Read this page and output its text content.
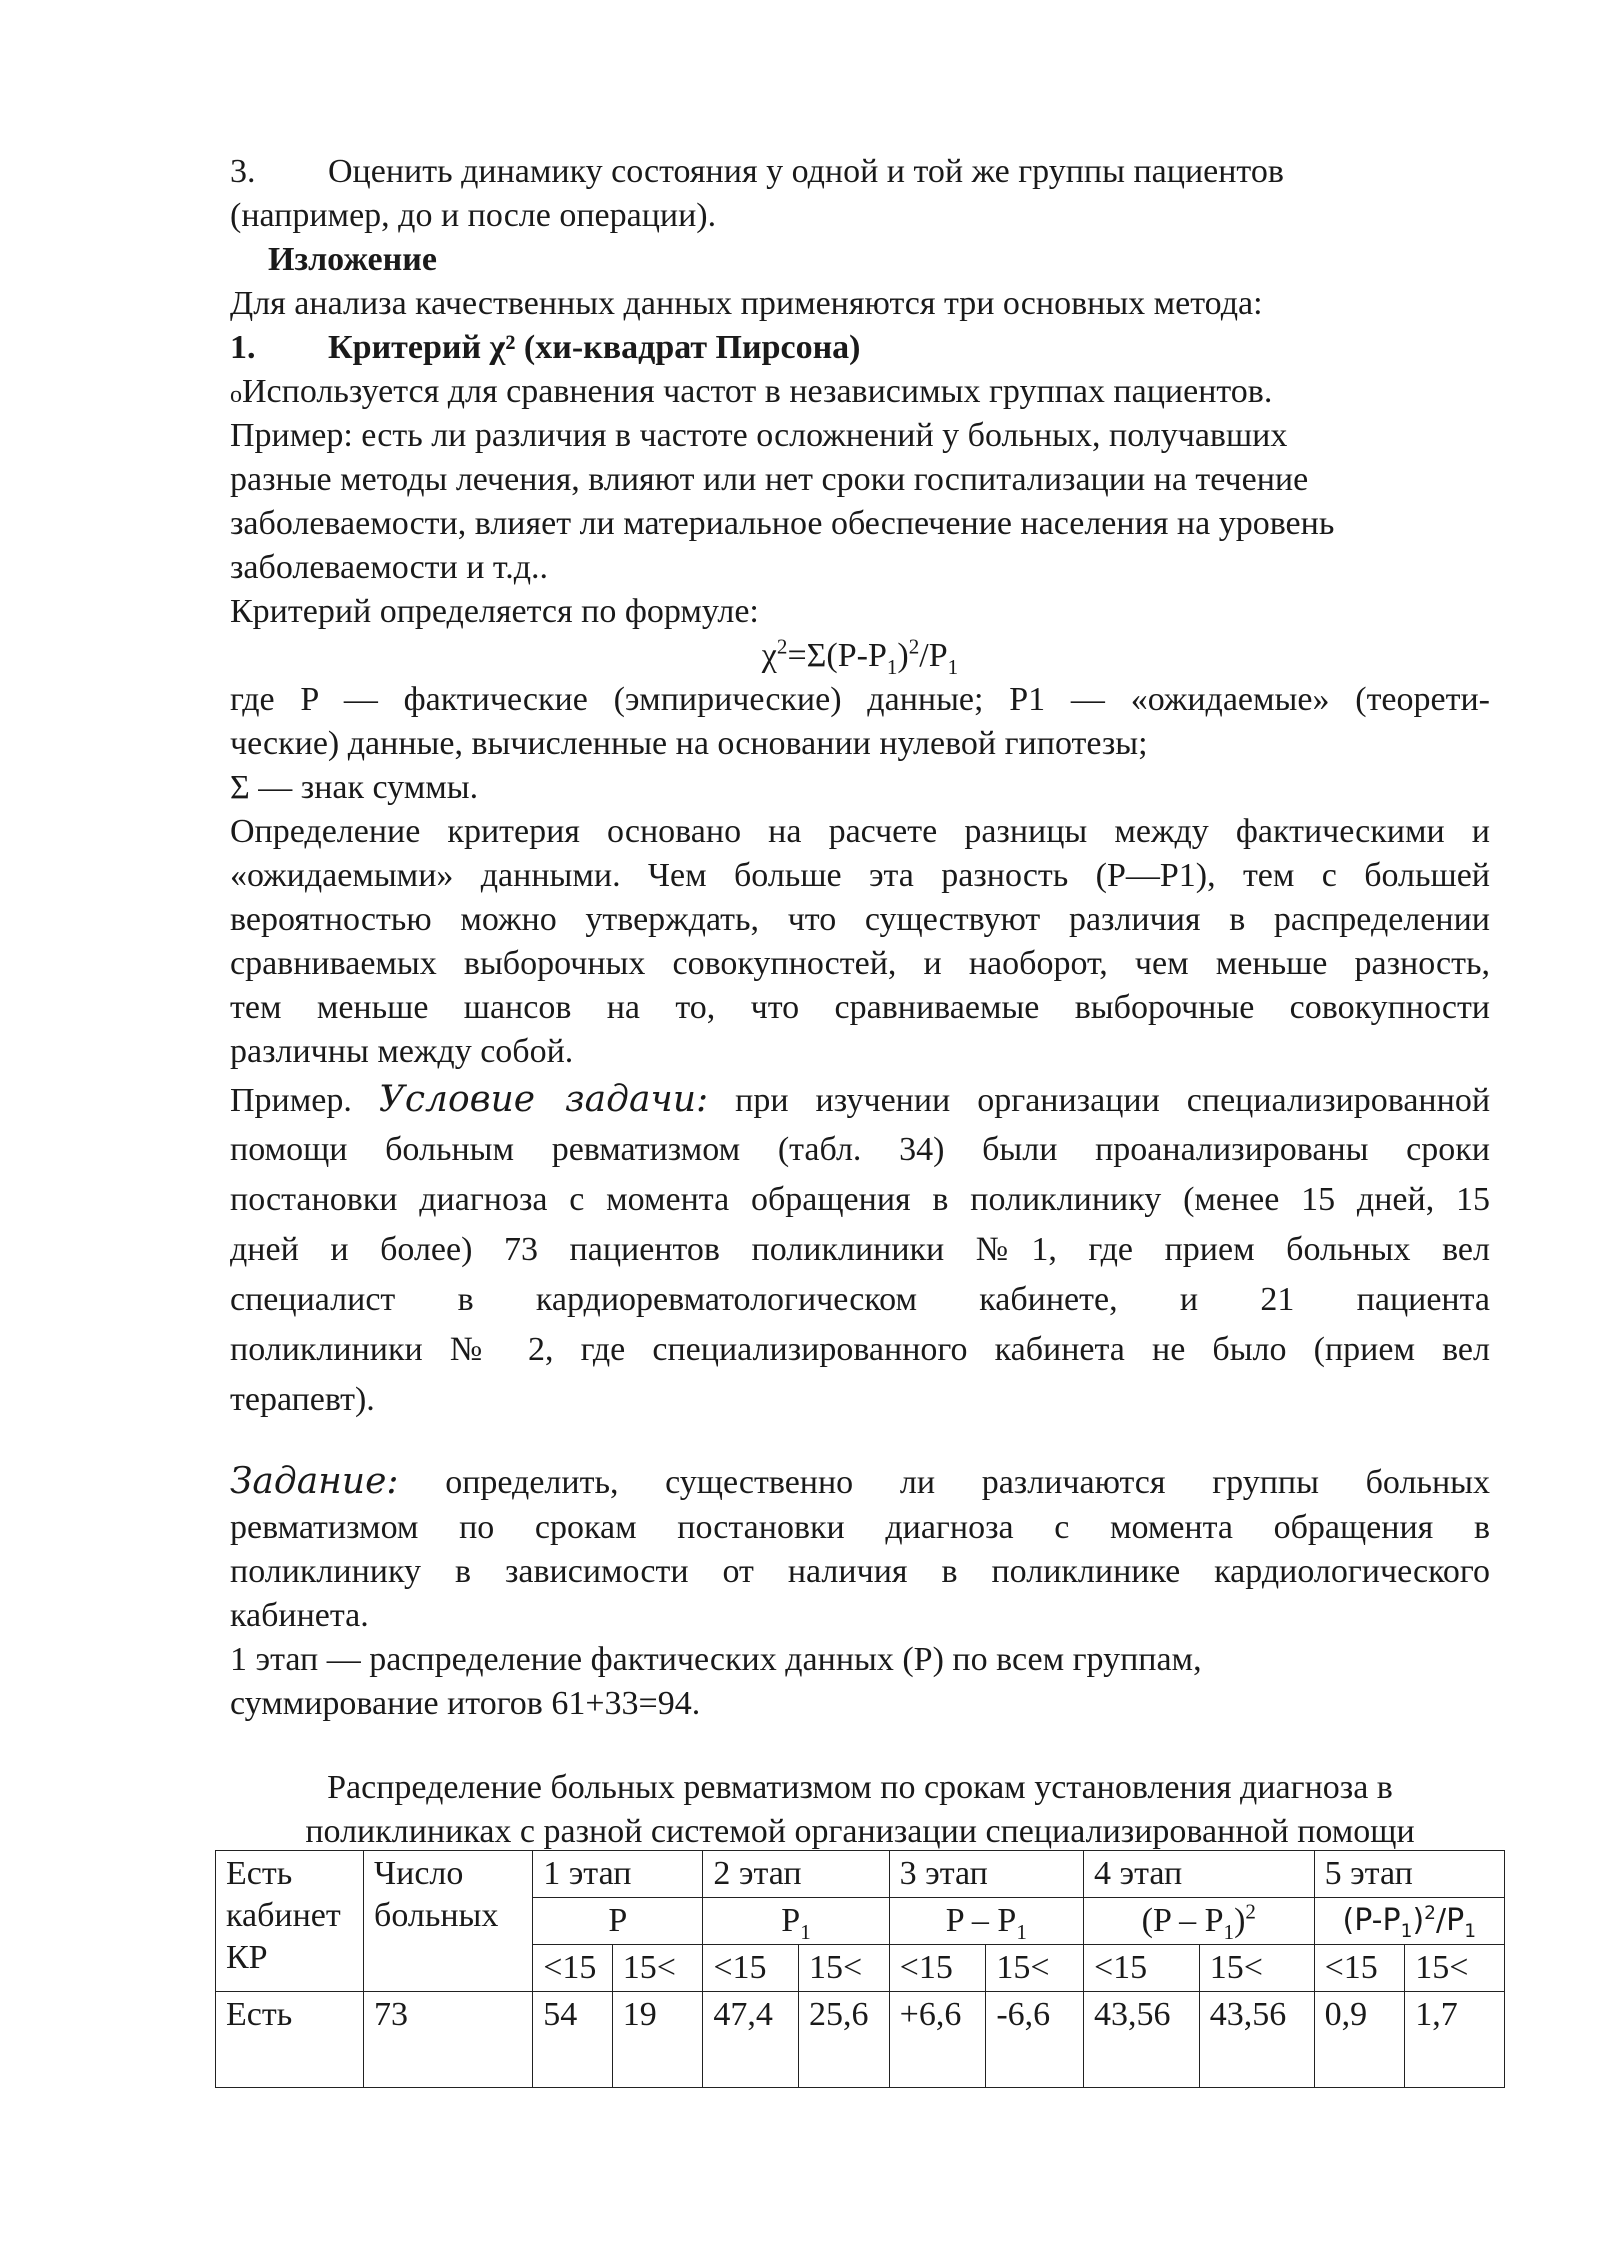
3. Оценить динамику состояния у одной и той же группы пациентов
(например, до и после операции).
Изложение
Для анализа качественных данных применяются три основных метода:
1. Критерий χ² (хи-квадрат Пирсона)
oИспользуется для сравнения частот в независимых группах пациентов.
Пример: есть ли различия в частоте осложнений у больных, получавших
разные методы лечения, влияют или нет сроки госпитализации на течение
заболеваемости, влияет ли материальное обеспечение населения на уровень
заболеваемости и т.д..
Критерий определяется по формуле:
$\chi^2=\Sigma(P-P_1)^2/P_1$
где P — фактические (эмпирические) данные; P1 — «ожидаемые» (теорети-
ческие) данные, вычисленные на основании нулевой гипотезы;
Σ — знак суммы.
Определение критерия основано на расчете разницы между фактическими и
«ожидаемыми» данными. Чем больше эта разность (P—P1), тем с большей
вероятностью можно утверждать, что существуют различия в распределении
сравниваемых выборочных совокупностей, и наоборот, чем меньше разность,
тем меньше шансов на то, что сравниваемые выборочные совокупности
различны между собой.
Пример. Условие задачи: при изучении организации специализированной
помощи больным ревматизмом (табл. 34) были проанализированы сроки
постановки диагноза с момента обращения в поликлинику (менее 15 дней, 15
дней и более) 73 пациентов поликлиники №1, где прием больных вел
специалист в кардиоревматологическом кабинете, и 21 пациента
поликлиники № 2, где специализированного кабинета не было (прием вел
терапевт).
Задание: определить, существенно ли различаются группы больных
ревматизмом по срокам постановки диагноза с момента обращения в
поликлинику в зависимости от наличия в поликлинике кардиологического
кабинета.
1 этап — распределение фактических данных (P) по всем группам,
суммирование итогов 61+33=94.
Распределение больных ревматизмом по срокам установления диагноза в
поликлиниках с разной системой организации специализированной помощи
Есть кабинет КР	Число больных	1 этап		2 этап		3 этап		4 этап		5 этап	
		P		$P_1$		P – $P_1$		$(P - P_1)^2$		$(P-P_1)^2/P_1$
		<15	15<	<15	15<	<15	15<	<15	15<	<15	15<
Есть	73	54	19	47,4	25,6	+6,6	-6,6	43,56	43,56	0,9	1,7
